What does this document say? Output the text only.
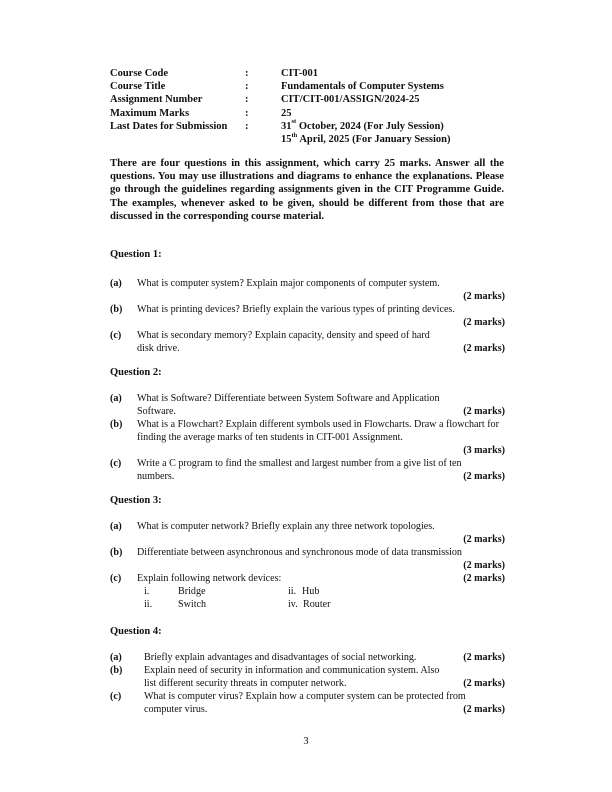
Course Code	:	CIT-001
Course Title	:	Fundamentals of Computer Systems
Assignment Number	:	CIT/CIT-001/ASSIGN/2024-25
Maximum Marks	:	25
Last Dates for Submission	:	31st October, 2024 (For July Session)
15th April, 2025 (For January Session)
There are four questions in this assignment, which carry 25 marks. Answer all the questions. You may use illustrations and diagrams to enhance the explanations. Please go through the guidelines regarding assignments given in the CIT Programme Guide. The examples, whenever asked to be given, should be different from those that are discussed in the corresponding course material.
Question 1:
(a) What is computer system? Explain major components of computer system.
(2 marks)
(b) What is printing devices? Briefly explain the various types of printing devices.
(2 marks)
(c) What is secondary memory? Explain capacity, density and speed of hard disk drive.	(2 marks)
Question 2:
(a) What is Software? Differentiate between System Software and Application Software.	(2 marks)
(b) What is a Flowchart? Explain different symbols used in Flowcharts. Draw a flowchart for finding the average marks of ten students in CIT-001 Assignment.
(3 marks)
(c) Write a C program to find the smallest and largest number from a give list of ten numbers.	(2 marks)
Question 3:
(a) What is computer network? Briefly explain any three network topologies.
(2 marks)
(b) Differentiate between asynchronous and synchronous mode of data transmission
(2 marks)
(c) Explain following network devices:	(2 marks)
i.	Bridge	ii. Hub
ii.	Switch	iv. Router
Question 4:
(a) Briefly explain advantages and disadvantages of social networking.	(2 marks)
(b) Explain need of security in information and communication system. Also list different security threats in computer network.	(2 marks)
(c) What is computer virus? Explain how a computer system can be protected from computer virus.	(2 marks)
3
